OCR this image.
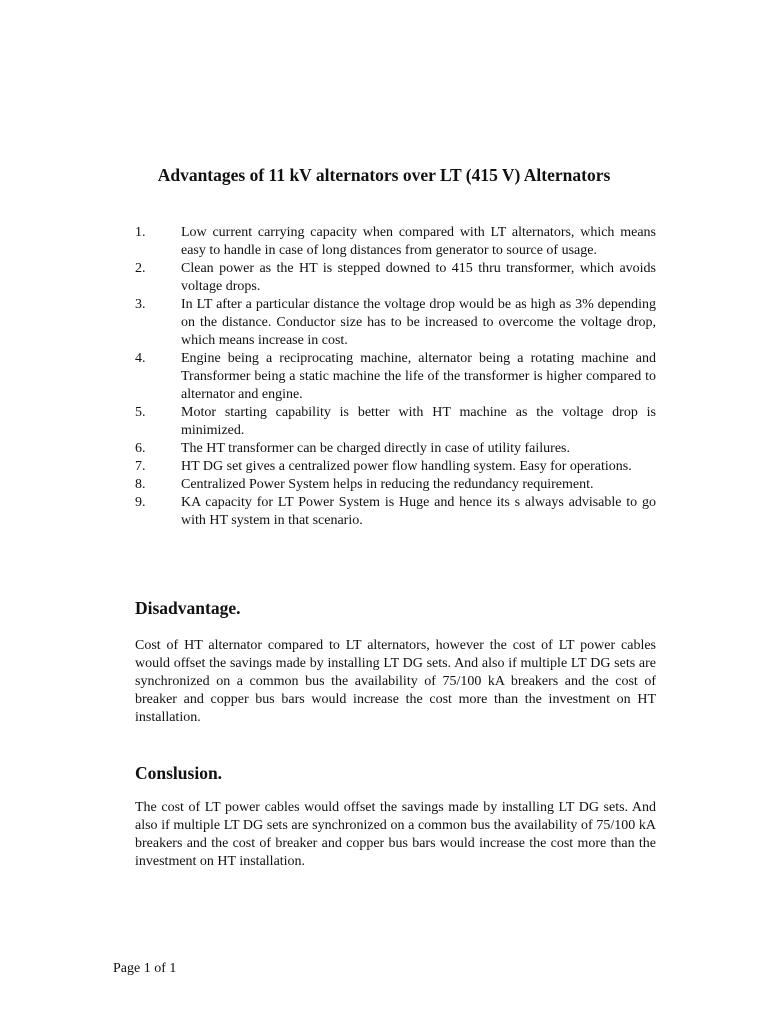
Advantages of 11 kV alternators over LT (415 V) Alternators
1.	Low current carrying capacity when compared with LT alternators, which means easy to handle in case of long distances from generator to source of usage.
2.	Clean power as the HT is stepped downed to 415 thru transformer, which avoids voltage drops.
3.	In LT after a particular distance the voltage drop would be as high as 3% depending on the distance. Conductor size has to be increased to overcome the voltage drop, which means increase in cost.
4.	Engine being a reciprocating machine, alternator being a rotating machine and Transformer being a static machine the life of the transformer is higher compared to alternator and engine.
5.	Motor starting capability is better with HT machine as the voltage drop is minimized.
6.	The HT transformer can be charged directly in case of utility failures.
7.	HT DG set gives a centralized power flow handling system. Easy for operations.
8.	Centralized Power System helps in reducing the redundancy requirement.
9.	KA capacity for LT Power System is Huge and hence its s always advisable to go with HT system in that scenario.
Disadvantage.

Cost of HT alternator compared to LT alternators, however the cost of LT power cables would offset the savings made by installing LT DG sets. And also if multiple LT DG sets are synchronized on a common bus the availability of 75/100 kA breakers and the cost of breaker and copper bus bars would increase the cost more than the investment on HT installation.

Conslusion.

The cost of LT power cables would offset the savings made by installing LT DG sets. And also if multiple LT DG sets are synchronized on a common bus the availability of 75/100 kA breakers and the cost of breaker and copper bus bars would increase the cost more than the investment on HT installation.

Page 1 of 1
